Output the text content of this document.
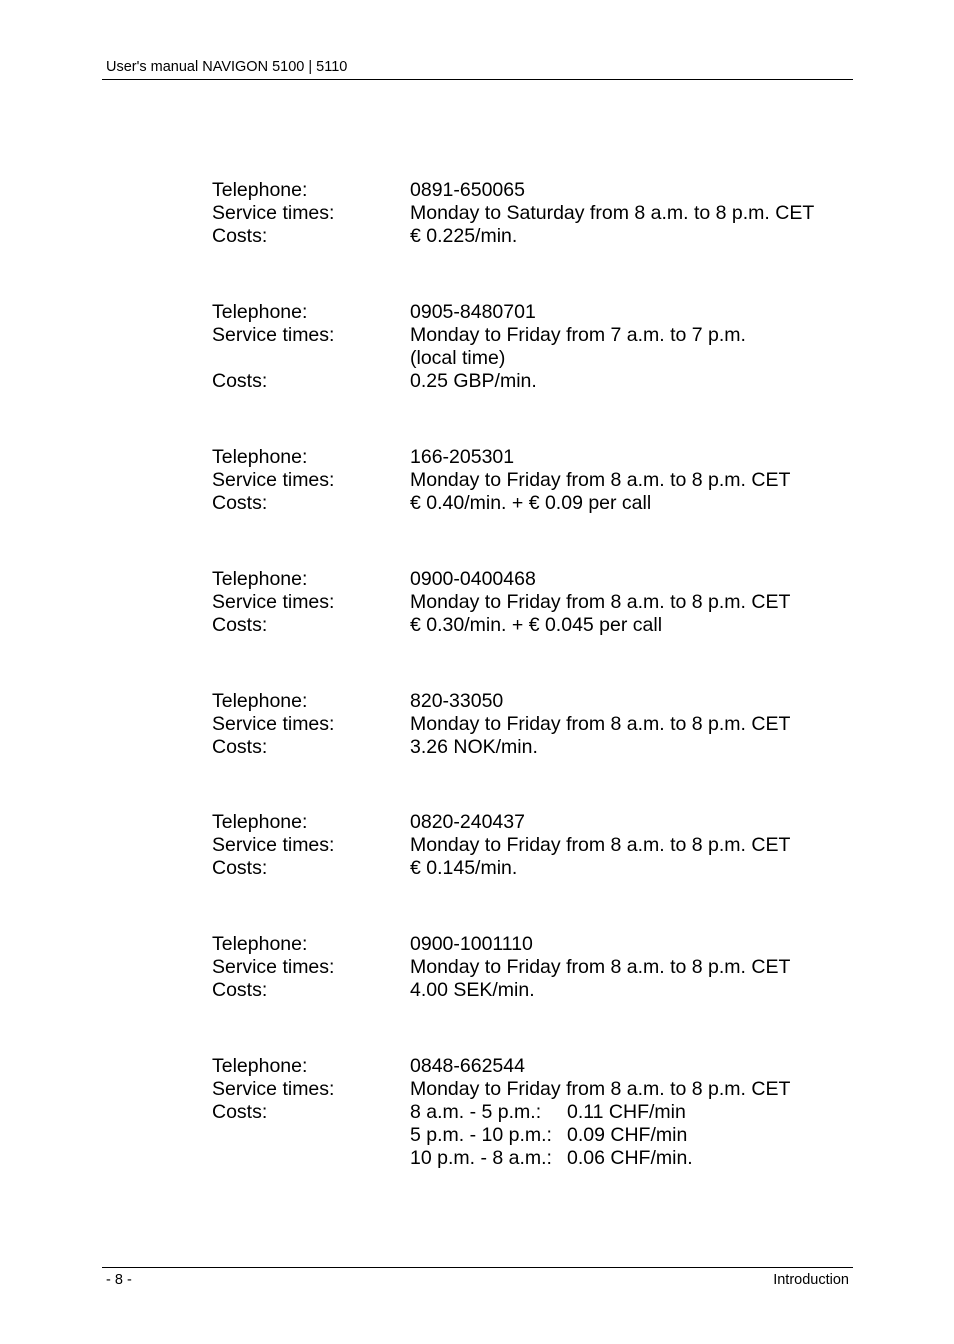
User's manual NAVIGON 5100 | 5110
Telephone:	0891-650065
Service times:	Monday to Saturday from 8 a.m. to 8 p.m. CET
Costs:	€ 0.225/min.
Telephone:	0905-8480701
Service times:	Monday to Friday from 7 a.m. to 7 p.m.
(local time)
Costs:	0.25 GBP/min.
Telephone:	166-205301
Service times:	Monday to Friday from 8 a.m. to 8 p.m. CET
Costs:	€ 0.40/min. + € 0.09 per call
Telephone:	0900-0400468
Service times:	Monday to Friday from 8 a.m. to 8 p.m. CET
Costs:	€ 0.30/min. + € 0.045 per call
Telephone:	820-33050
Service times:	Monday to Friday from 8 a.m. to 8 p.m. CET
Costs:	3.26 NOK/min.
Telephone:	0820-240437
Service times:	Monday to Friday from 8 a.m. to 8 p.m. CET
Costs:	€ 0.145/min.
Telephone:	0900-1001110
Service times:	Monday to Friday from 8 a.m. to 8 p.m. CET
Costs:	4.00 SEK/min.
Telephone:	0848-662544
Service times:	Monday to Friday from 8 a.m. to 8 p.m. CET
Costs:	8 a.m. - 5 p.m.: 0.11 CHF/min
5 p.m. - 10 p.m.: 0.09 CHF/min
10 p.m. - 8 a.m.: 0.06 CHF/min.
- 8 -	Introduction
